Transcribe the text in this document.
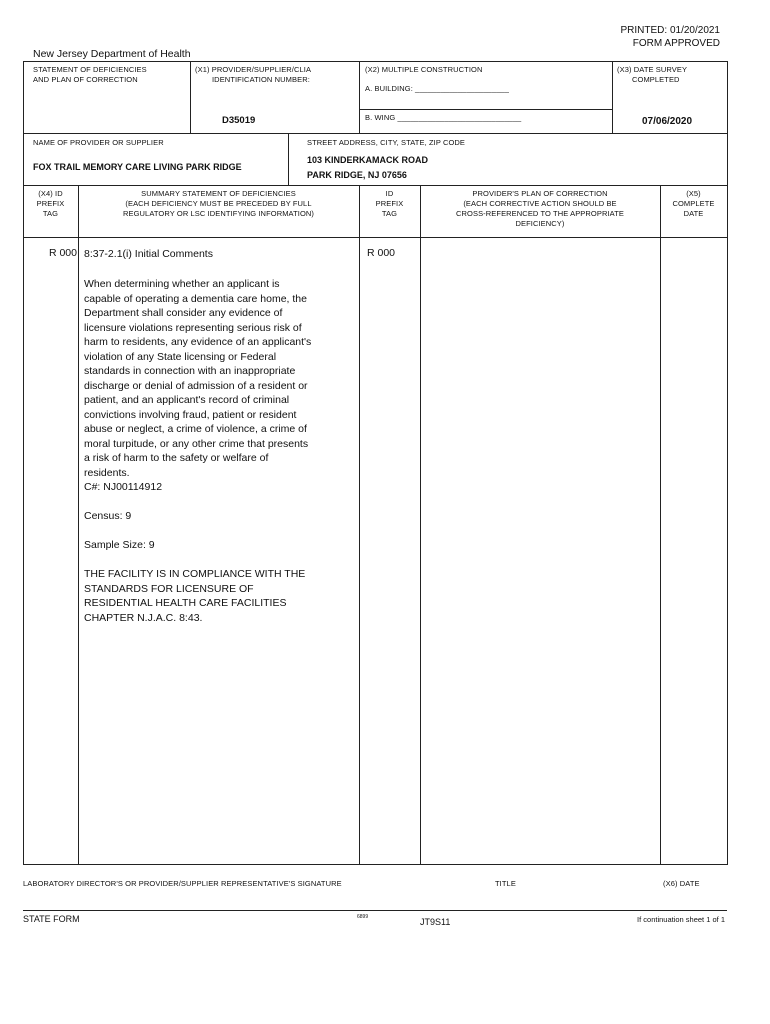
PRINTED: 01/20/2021
FORM APPROVED
New Jersey Department of Health
STATEMENT OF DEFICIENCIES
AND PLAN OF CORRECTION
(X1) PROVIDER/SUPPLIER/CLIA
IDENTIFICATION NUMBER:
D35019
(X2) MULTIPLE CONSTRUCTION
A. BUILDING: ______________________
B. WING _____________________________
(X3) DATE SURVEY
COMPLETED
07/06/2020
NAME OF PROVIDER OR SUPPLIER
FOX TRAIL MEMORY CARE LIVING PARK RIDGE
STREET ADDRESS, CITY, STATE, ZIP CODE
103 KINDERKAMACK ROAD
PARK RIDGE, NJ 07656
(X4) ID
PREFIX
TAG
SUMMARY STATEMENT OF DEFICIENCIES
(EACH DEFICIENCY MUST BE PRECEDED BY FULL
REGULATORY OR LSC IDENTIFYING INFORMATION)
ID
PREFIX
TAG
PROVIDER'S PLAN OF CORRECTION
(EACH CORRECTIVE ACTION SHOULD BE
CROSS-REFERENCED TO THE APPROPRIATE
DEFICIENCY)
(X5)
COMPLETE
DATE
R 000 8:37-2.1(i) Initial Comments	R 000

When determining whether an applicant is
capable of operating a dementia care home, the
Department shall consider any evidence of
licensure violations representing serious risk of
harm to residents, any evidence of an applicant's
violation of any State licensing or Federal
standards in connection with an inappropriate
discharge or denial of admission of a resident or
patient, and an applicant's record of criminal
convictions involving fraud, patient or resident
abuse or neglect, a crime of violence, a crime of
moral turpitude, or any other crime that presents
a risk of harm to the safety or welfare of
residents.
C#: NJ00114912

Census: 9

Sample Size: 9

THE FACILITY IS IN COMPLIANCE WITH THE
STANDARDS FOR LICENSURE OF
RESIDENTIAL HEALTH CARE FACILITIES
CHAPTER N.J.A.C. 8:43.

LABORATORY DIRECTOR'S OR PROVIDER/SUPPLIER REPRESENTATIVE'S SIGNATURE	TITLE	(X6) DATE
STATE FORM	6899	JT9S11	If continuation sheet 1 of 1
